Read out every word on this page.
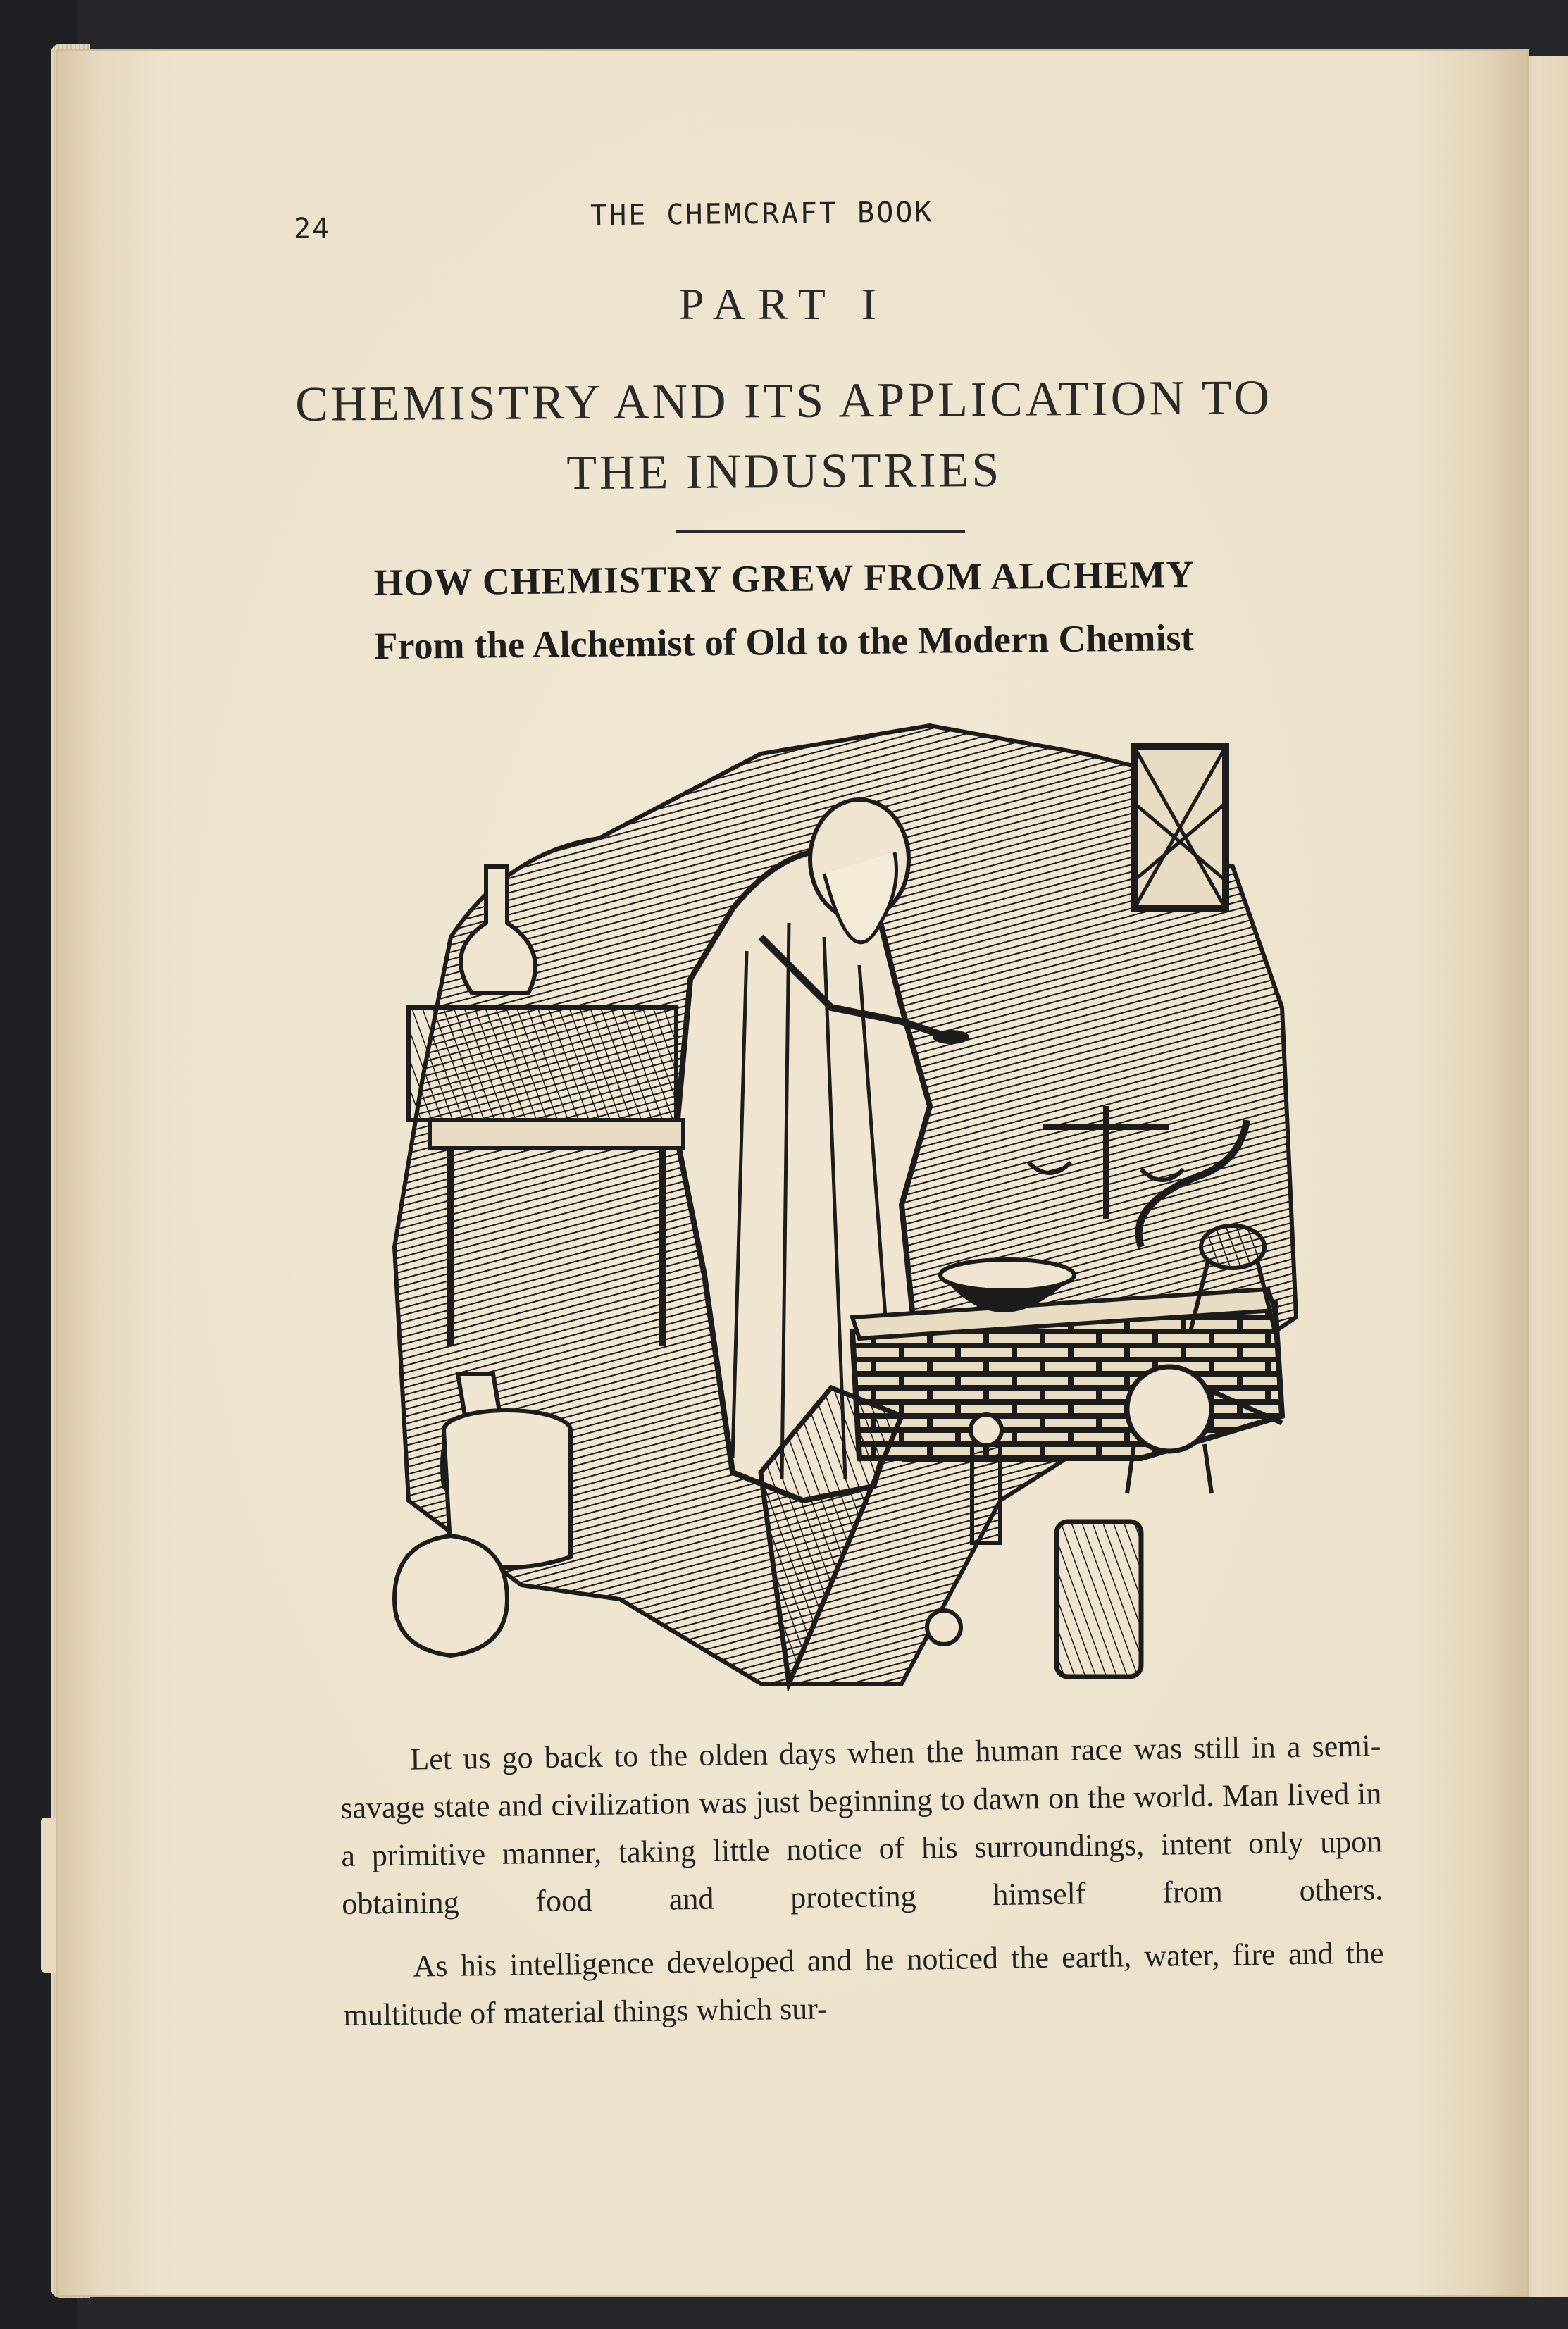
24	THE CHEMCRAFT BOOK
PART I
CHEMISTRY AND ITS APPLICATION TO
THE INDUSTRIES
HOW CHEMISTRY GREW FROM ALCHEMY
From the Alchemist of Old to the Modern Chemist

Let us go back to the olden days when the human race was still in a semi-savage state and civilization was just beginning to dawn on the world. Man lived in a primitive manner, taking little notice of his surroundings, intent only upon obtaining food and protecting himself from others.

As his intelligence developed and he noticed the earth, water, fire and the multitude of material things which sur-
